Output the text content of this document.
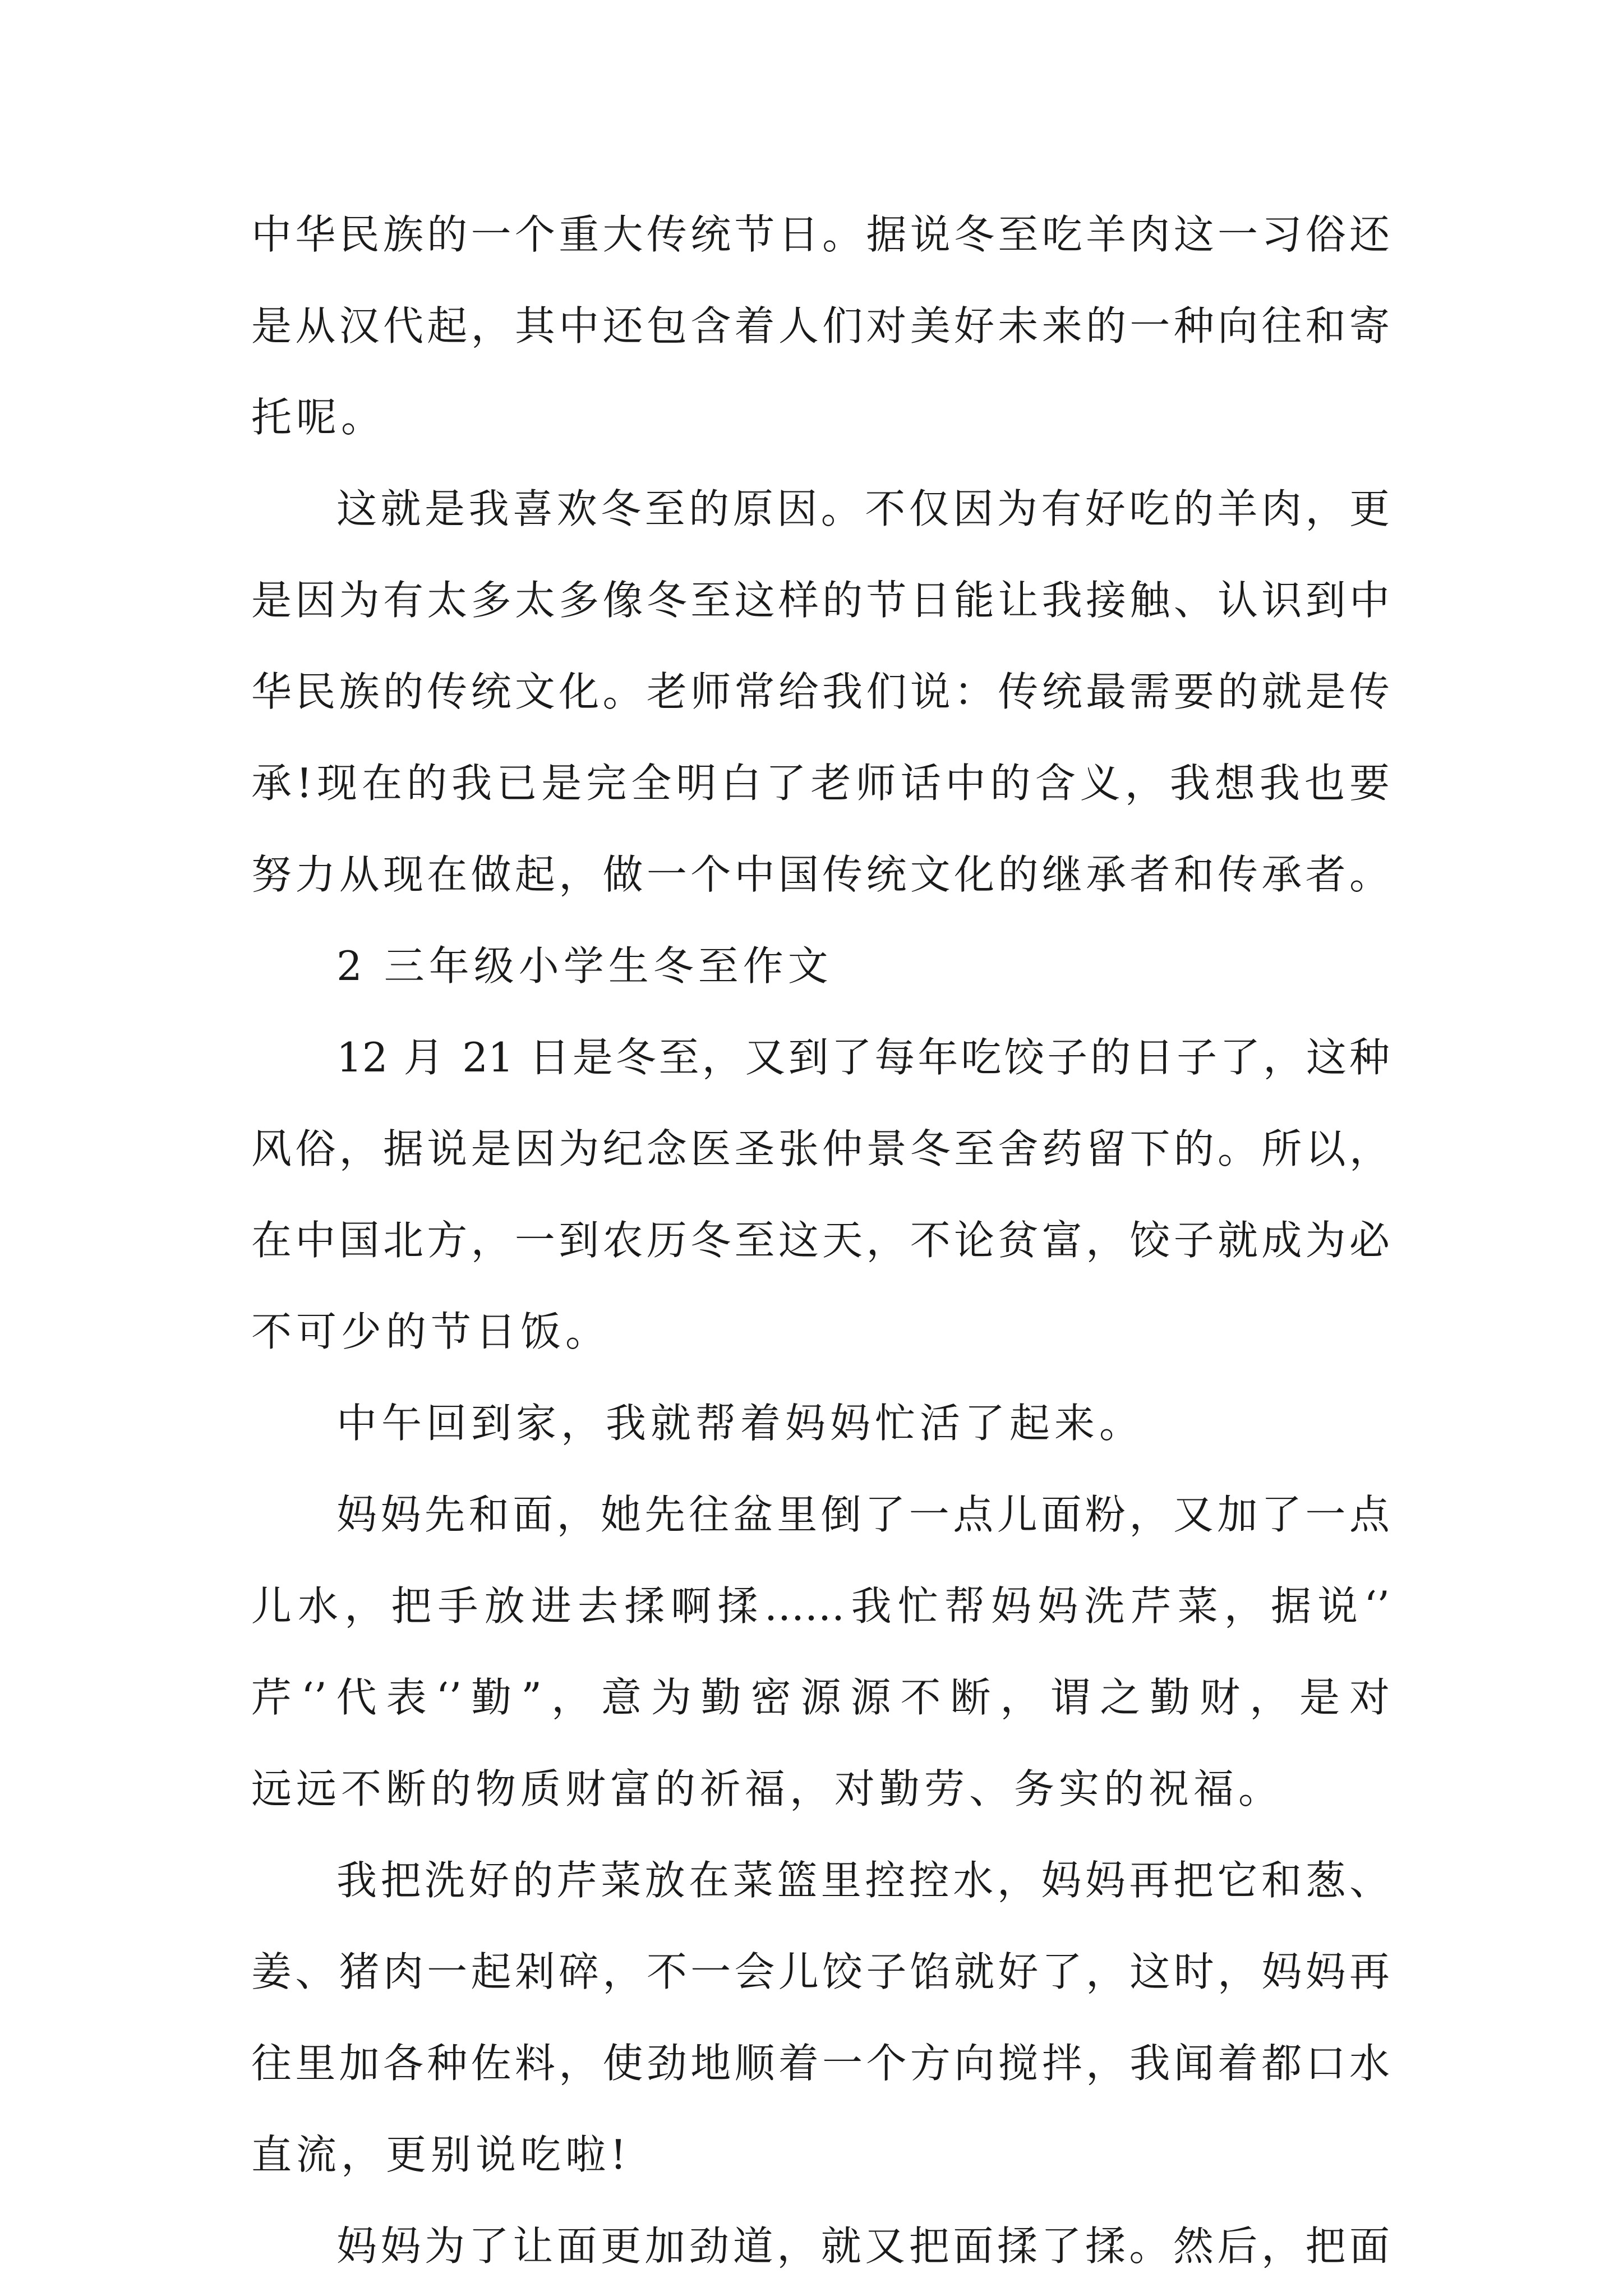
中华民族的一个重大传统节日。据说冬至吃羊肉这一习俗还

是从汉代起，其中还包含着人们对美好未来的一种向往和寄

托呢。

这就是我喜欢冬至的原因。不仅因为有好吃的羊肉，更

是因为有太多太多像冬至这样的节日能让我接触、认识到中

华民族的传统文化。老师常给我们说：传统最需要的就是传

承!现在的我已是完全明白了老师话中的含义，我想我也要

努力从现在做起，做一个中国传统文化的继承者和传承者。

2 三年级小学生冬至作文

12 月 21 日是冬至，又到了每年吃饺子的日子了，这种

风俗，据说是因为纪念医圣张仲景冬至舍药留下的。所以，

在中国北方，一到农历冬至这天，不论贫富，饺子就成为必

不可少的节日饭。

中午回到家，我就帮着妈妈忙活了起来。

妈妈先和面，她先往盆里倒了一点儿面粉，又加了一点

儿水，把手放进去揉啊揉……我忙帮妈妈洗芹菜，据说‘’

芹‘’代表‘’勤”，意为勤密源源不断，谓之勤财，是对

远远不断的物质财富的祈福，对勤劳、务实的祝福。

我把洗好的芹菜放在菜篮里控控水，妈妈再把它和葱、

姜、猪肉一起剁碎，不一会儿饺子馅就好了，这时，妈妈再

往里加各种佐料，使劲地顺着一个方向搅拌，我闻着都口水

直流，更别说吃啦!

妈妈为了让面更加劲道，就又把面揉了揉。然后，把面
